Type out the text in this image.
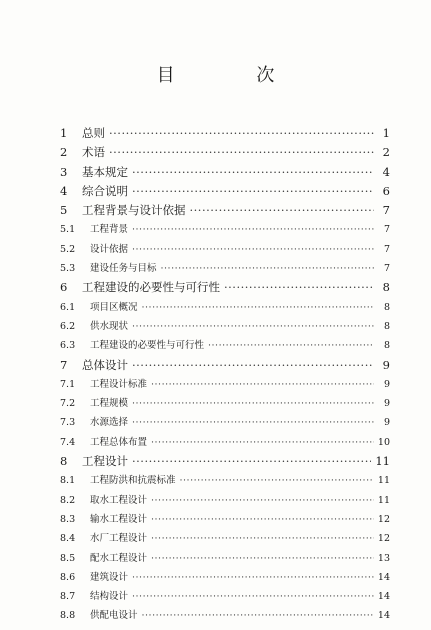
目 次
1	总则 ·····	1
2	术语 ·····	2
3	基本规定 ·····	4
4	综合说明 ·····	6
5	工程背景与设计依据 ·····	7
5.1	工程背景 ·····	7
5.2	设计依据 ·····	7
5.3	建设任务与目标 ·····	7
6	工程建设的必要性与可行性 ·····	8
6.1	项目区概况 ·····	8
6.2	供水现状 ·····	8
6.3	工程建设的必要性与可行性 ·····	8
7	总体设计 ·····	9
7.1	工程设计标准 ·····	9
7.2	工程规模 ·····	9
7.3	水源选择 ·····	9
7.4	工程总体布置 ·····	10
8	工程设计 ·····	11
8.1	工程防洪和抗震标准 ·····	11
8.2	取水工程设计 ·····	11
8.3	输水工程设计 ·····	12
8.4	水厂工程设计 ·····	12
8.5	配水工程设计 ·····	13
8.6	建筑设计 ·····	14
8.7	结构设计 ·····	14
8.8	供配电设计 ·····	14
